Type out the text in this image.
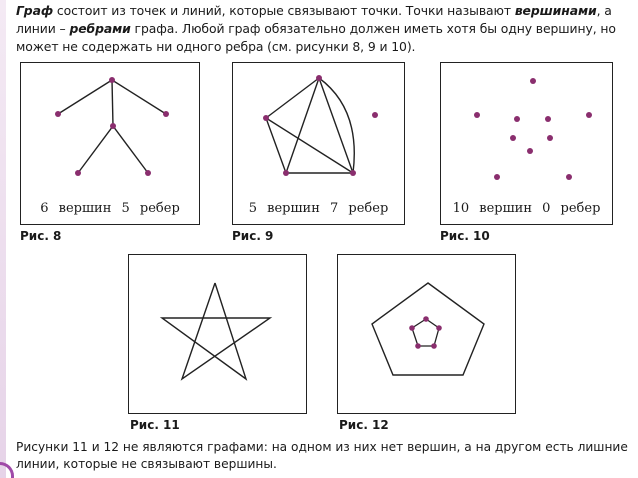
Граф состоит из точек и линий, которые связывают точки. Точки называют вершинами, а линии – ребрами графа. Любой граф обязательно должен иметь хотя бы одну вершину, но может не содержать ни одного ребра (см. рисунки 8, 9 и 10).
6 вершин 5 ребер
Рис. 8
5 вершин 7 ребер
Рис. 9
10 вершин 0 ребер
Рис. 10
Рис. 11	Рис. 12
Рисунки 11 и 12 не являются графами: на одном из них нет вершин, а на другом есть лишние линии, которые не связывают вершины.
